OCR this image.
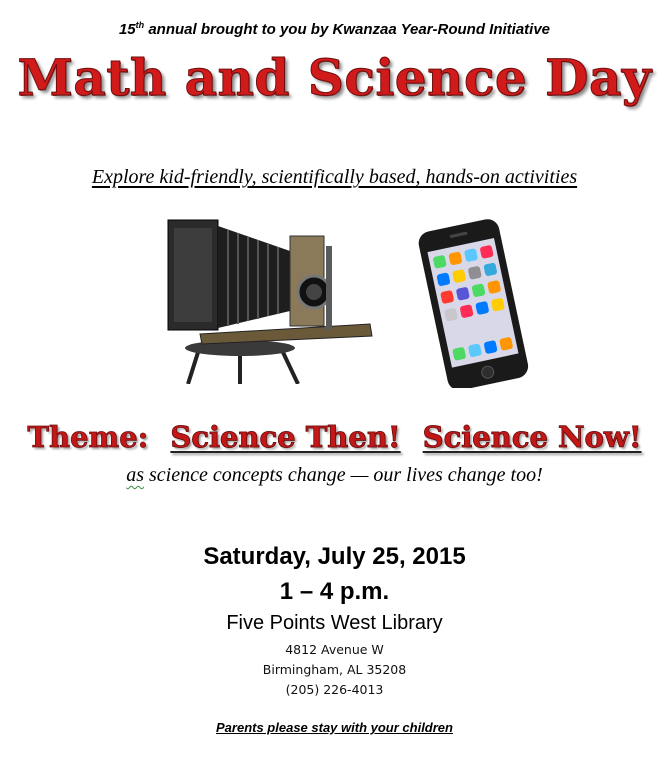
15th annual brought to you by Kwanzaa Year-Round Initiative
Math and Science Day
Explore kid-friendly, scientifically based, hands-on activities
Theme: Science Then! Science Now!
as science concepts change — our lives change too!
Saturday, July 25, 2015
1 – 4 p.m.
Five Points West Library
4812 Avenue W
Birmingham, AL 35208
(205) 226-4013
Parents please stay with your children
